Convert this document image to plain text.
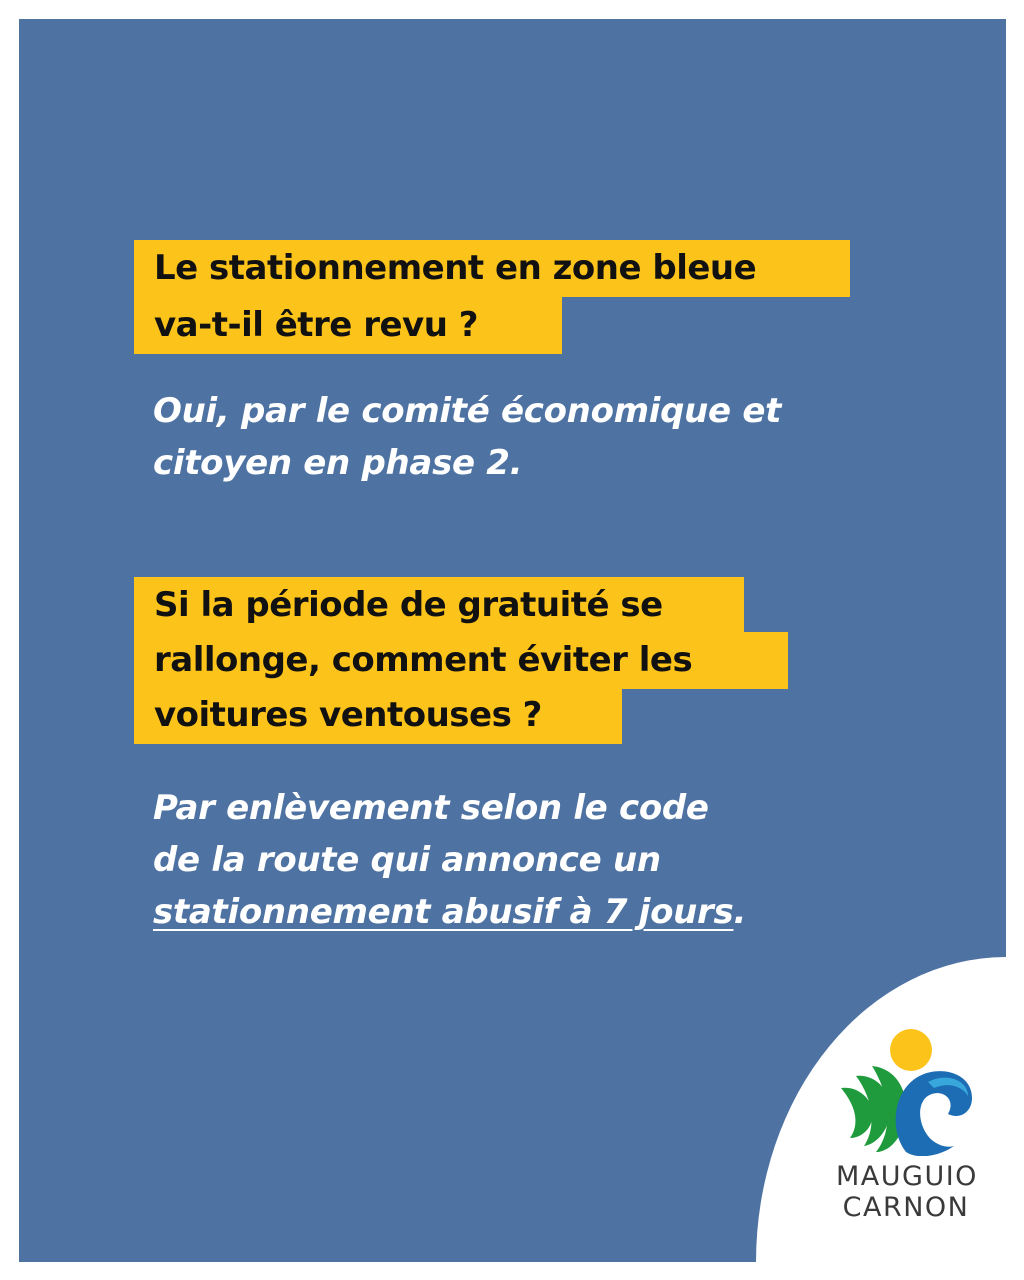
Le stationnement en zone bleue
va-t-il être revu ?
Oui, par le comité économique et
citoyen en phase 2.
Si la période de gratuité se
rallonge, comment éviter les
voitures ventouses ?
Par enlèvement selon le code
de la route qui annonce un
stationnement abusif à 7 jours.
MAUGUIO
CARNON
